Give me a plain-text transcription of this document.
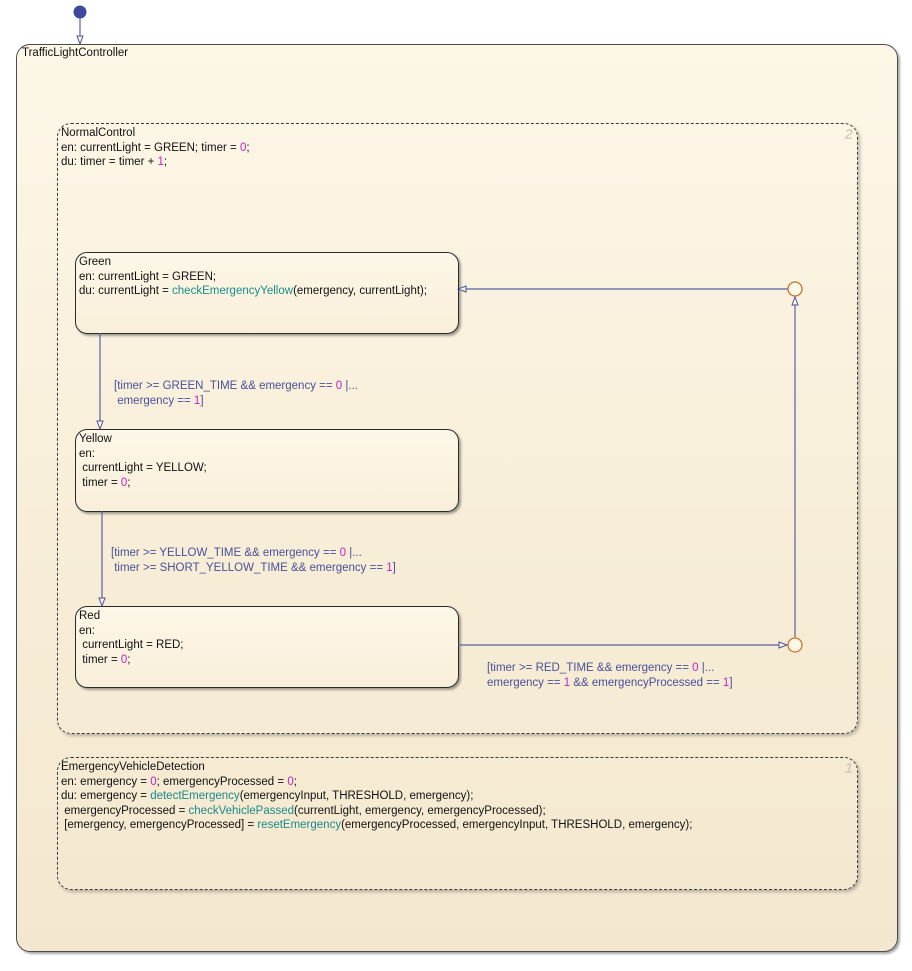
TrafficLightController
NormalControl
en: currentLight = GREEN; timer = 0;
du: timer = timer + 1;
2
Green
en: currentLight = GREEN;
du: currentLight = checkEmergencyYellow(emergency, currentLight);
Yellow
en:
currentLight = YELLOW;
timer = 0;
Red
en:
currentLight = RED;
timer = 0;
[timer >= GREEN_TIME && emergency == 0 |...
emergency == 1]
[timer >= YELLOW_TIME && emergency == 0 |...
timer >= SHORT_YELLOW_TIME && emergency == 1]
[timer >= RED_TIME && emergency == 0 |...
emergency == 1 && emergencyProcessed == 1]
EmergencyVehicleDetection
en: emergency = 0; emergencyProcessed = 0;
du: emergency = detectEmergency(emergencyInput, THRESHOLD, emergency);
emergencyProcessed = checkVehiclePassed(currentLight, emergency, emergencyProcessed);
[emergency, emergencyProcessed] = resetEmergency(emergencyProcessed, emergencyInput, THRESHOLD, emergency);
1
